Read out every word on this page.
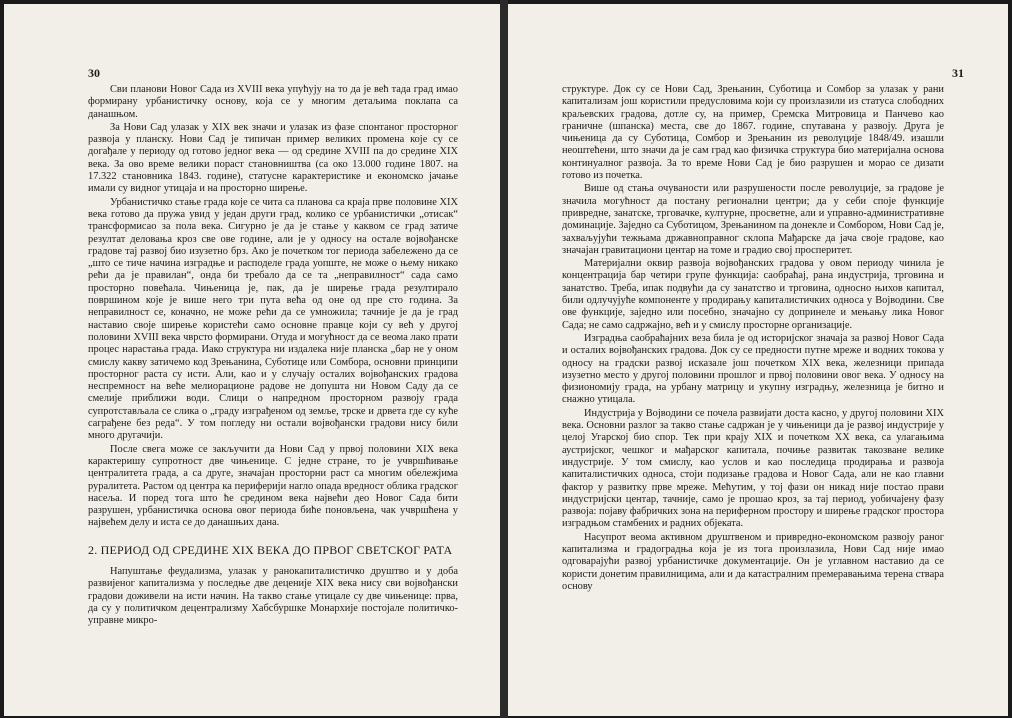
30

Сви планови Новог Сада из XVIII века упућују на то да је већ тада град имао формирану урбанистичку основу, која се у многим детаљима поклапа са данашњом.

За Нови Сад улазак у XIX век значи и улазак из фазе спонтаног просторног развоја у планску. Нови Сад је типичан пример великих промена које су се догађале у периоду од готово једног века — од средине XVIII па до средине XIX века. За ово време велики пораст становништва (са око 13.000 године 1807. на 17.322 становника 1843. године), статусне карактеристике и економско јачање имали су видног утицаја и на просторно ширење.

Урбанистичко стање града које се чита са планова са краја прве половине XIX века готово да пружа увид у један други град, колико се урбанистички „отисак“ трансформисао за пола века. Сигурно је да је стање у каквом се град затиче резултат деловања кроз све ове године, али је у односу на остале војвођанске градове тај развој био изузетно брз. Ако је почетком тог периода забележено да се „што се тиче начина изградње и расподеле града уопште, не може о њему никако рећи да је правилан“, онда би требало да се та „неправилност“ сада само просторно повећала. Чињеница је, пак, да је ширење града резултирало површином које је више него три пута већа од оне од пре сто година. За неправилност се, коначно, не може рећи да се умножила; тачније је да је град наставио своје ширење користећи само основне правце који су већ у другој половини XVIII века чврсто формирани. Отуда и могућност да се веома лако прати процес нарастања града. Иако структура ни издалека није планска „бар не у оном смислу какву затичемо код Зрењанина, Суботице или Сомбора, основни принципи просторног раста су исти. Али, као и у случају осталих војвођанских градова неспремност на веће мелиорационе радове не допушта ни Новом Саду да се смелије приближи води. Слици о напредном просторном развоју града супротстављала се слика о „граду изграђеном од земље, трске и дрвета где су куће саграђене без реда“. У том погледу ни остали војвођански градови нису били много другачији.

После свега може се закључити да Нови Сад у првој половини XIX века карактеришу супротност две чињенице. С једне стране, то је учвршћивање централитета града, а са друге, значајан просторни раст са многим обележјима руралитета. Растом од центра ка периферији нагло опада вредност облика градског насеља. И поред тога што ће средином века највећи део Новог Сада бити разрушен, урбанистичка основа овог периода биће поновљена, чак учвршћена у највећем делу и иста се до данашњих дана.

2. ПЕРИОД ОД СРЕДИНЕ XIX ВЕКА ДО ПРВОГ СВЕТСКОГ РАТА

Напуштање феудализма, улазак у ранокапиталистичко друштво и у доба развијеног капитализма у последње две деценије XIX века нису сви војвођански градови доживели на исти начин. На такво стање утицале су две чињенице: прва, да су у политичком децентрализму Хабсбуршке Монархије постојале политичко-управне микро-

31

структуре. Док су се Нови Сад, Зрењанин, Суботица и Сомбор за улазак у рани капитализам још користили предусловима који су произлазили из статуса слободних краљевских градова, дотле су, на пример, Сремска Митровица и Панчево као граничне (шпанска) места, све до 1867. године, спутавана у развоју. Друга је чињеница да су Суботица, Сомбор и Зрењанин из револуције 1848/49. изашли неоштећени, што значи да је сам град као физичка структура био материјална основа континуалног развоја. За то време Нови Сад је био разрушен и морао се дизати готово из почетка.

Више од стања очуваности или разрушености после револуције, за градове је значила могућност да постану регионални центри; да у себи споје функције привредне, занатске, трговачке, културне, просветне, али и управно-административне доминације. Заједно са Суботицом, Зрењанином па донекле и Сомбором, Нови Сад је, захваљујући тежњама државноправног склопа Мађарске да јача своје градове, као значајан гравитациони центар на томе и градио свој просперитет.

Материјални оквир развоја војвођанских градова у овом периоду чинила је концентрација бар четири групе функција: саобраћај, рана индустрија, трговина и занатство. Треба, ипак подвући да су занатство и трговина, односно њихов капитал, били одлучујуће компоненте у продирању капиталистичких односа у Војводини. Све ове функције, заједно или посебно, значајно су допринеле и мењању лика Новог Сада; не само садржајно, већ и у смислу просторне организације.

Изградња саобраћајних веза била је од историјског значаја за развој Новог Сада и осталих војвођанских градова. Док су се предности путне мреже и водних токова у односу на градски развој исказале још почетком XIX века, железници припада изузетно место у другој половини прошлог и првој половини овог века. У односу на физиономију града, на урбану матрицу и укупну изградњу, железница је битно и снажно утицала.

Индустрија у Војводини се почела развијати доста касно, у другој половини XIX века. Основни разлог за такво стање садржан је у чињеници да је развој индустрије у целој Угарској био спор. Тек при крају XIX и почетком XX века, са улагањима аустријског, чешког и мађарског капитала, почиње развитак такозване велике индустрије. У том смислу, као услов и као последица продирања и развоја капиталистичких односа, стоји подизање градова и Новог Сада, али не као главни фактор у развитку прве мреже. Мећутим, у тој фази он никад није постао прави индустријски центар, тачније, само је прошао кроз, за тај период, уобичајену фазу развоја: појаву фабричких зона на периферном простору и ширење градског простора изградњом стамбених и радних објеката.

Насупрот веома активном друштвеном и привредно-економском развоју раног капитализма и градоградња која је из тога произлазила, Нови Сад није имао одговарајући развој урбанистичке документације. Он је углавном наставио да се користи донетим правилницима, али и да катастралним премеравањима терена ствара основу
